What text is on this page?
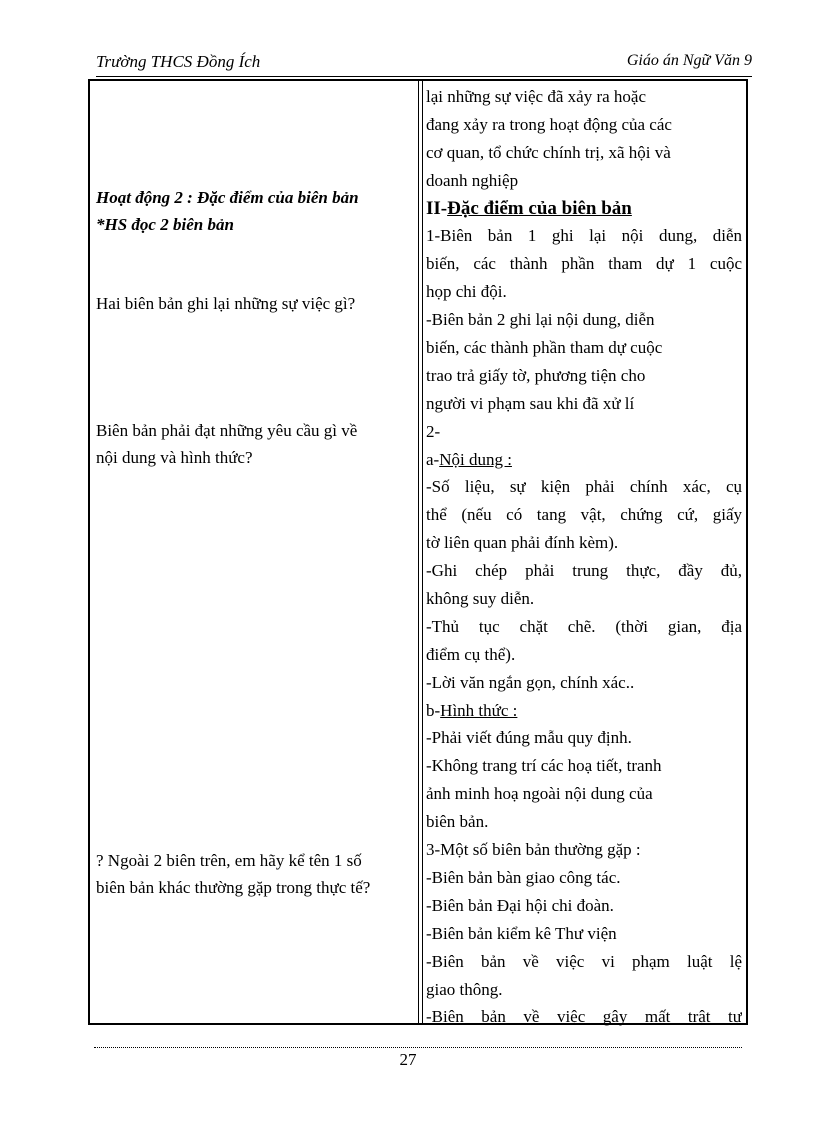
Trường THCS Đồng Ích	Giáo án Ngữ Văn 9
Hoạt động 2 : Đặc điểm của biên bản
*HS đọc 2 biên bản
Hai biên bản ghi lại những sự việc gì?
Biên bản phải đạt những yêu cầu gì về
nội dung và hình thức?
? Ngoài 2 biên trên, em hãy kể tên 1 số
biên bản khác thường gặp trong thực tế?
lại những sự việc đã xảy ra hoặc
đang xảy ra trong hoạt động của các
cơ quan, tổ chức chính trị, xã hội và
doanh nghiệp
II-Đặc điểm của biên bản
1-Biên bản 1 ghi lại nội dung, diễn
biến, các thành phần tham dự 1 cuộc
họp chi đội.
-Biên bản 2 ghi lại nội dung, diễn
biến, các thành phần tham dự cuộc
trao trả giấy tờ, phương tiện cho
người vi phạm sau khi đã xử lí
2-
a-Nội dung :
-Số liệu, sự kiện phải chính xác, cụ
thể (nếu có tang vật, chứng cứ, giấy
tờ liên quan phải đính kèm).
-Ghi chép phải trung thực, đầy đủ,
không suy diễn.
-Thủ tục chặt chẽ. (thời gian, địa
điểm cụ thể).
-Lời văn ngắn gọn, chính xác..
b-Hình thức :
-Phải viết đúng mẫu quy định.
-Không trang trí các hoạ tiết, tranh
ảnh minh hoạ ngoài nội dung của
biên bản.
3-Một số biên bản thường gặp :
-Biên bản bàn giao công tác.
-Biên bản Đại hội chi đoàn.
-Biên bản kiểm kê Thư viện
-Biên bản về việc vi phạm luật lệ
giao thông.
-Biên bản về việc gây mất trật tự
27
